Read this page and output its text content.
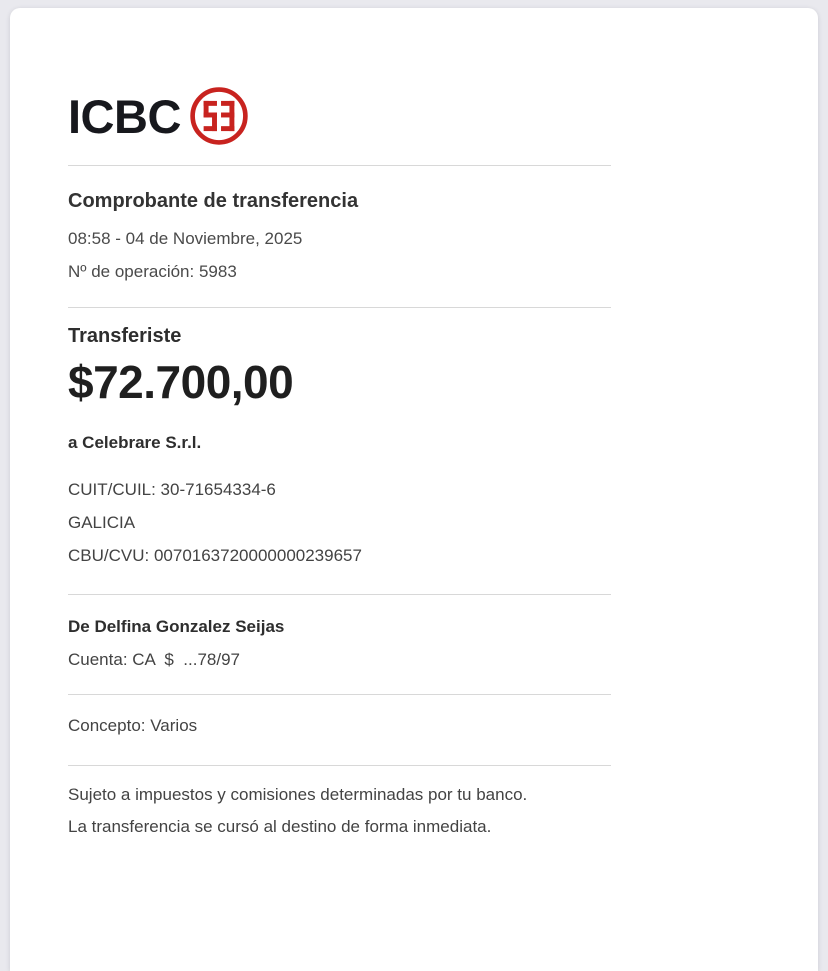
ICBC
Comprobante de transferencia
08:58 - 04 de Noviembre, 2025
Nº de operación: 5983
Transferiste
$72.700,00
a Celebrare S.r.l.
CUIT/CUIL: 30-71654334-6
GALICIA
CBU/CVU: 0070163720000000239657
De Delfina Gonzalez Seijas
Cuenta: CA  $  ...78/97
Concepto: Varios
Sujeto a impuestos y comisiones determinadas por tu banco.
La transferencia se cursó al destino de forma inmediata.
